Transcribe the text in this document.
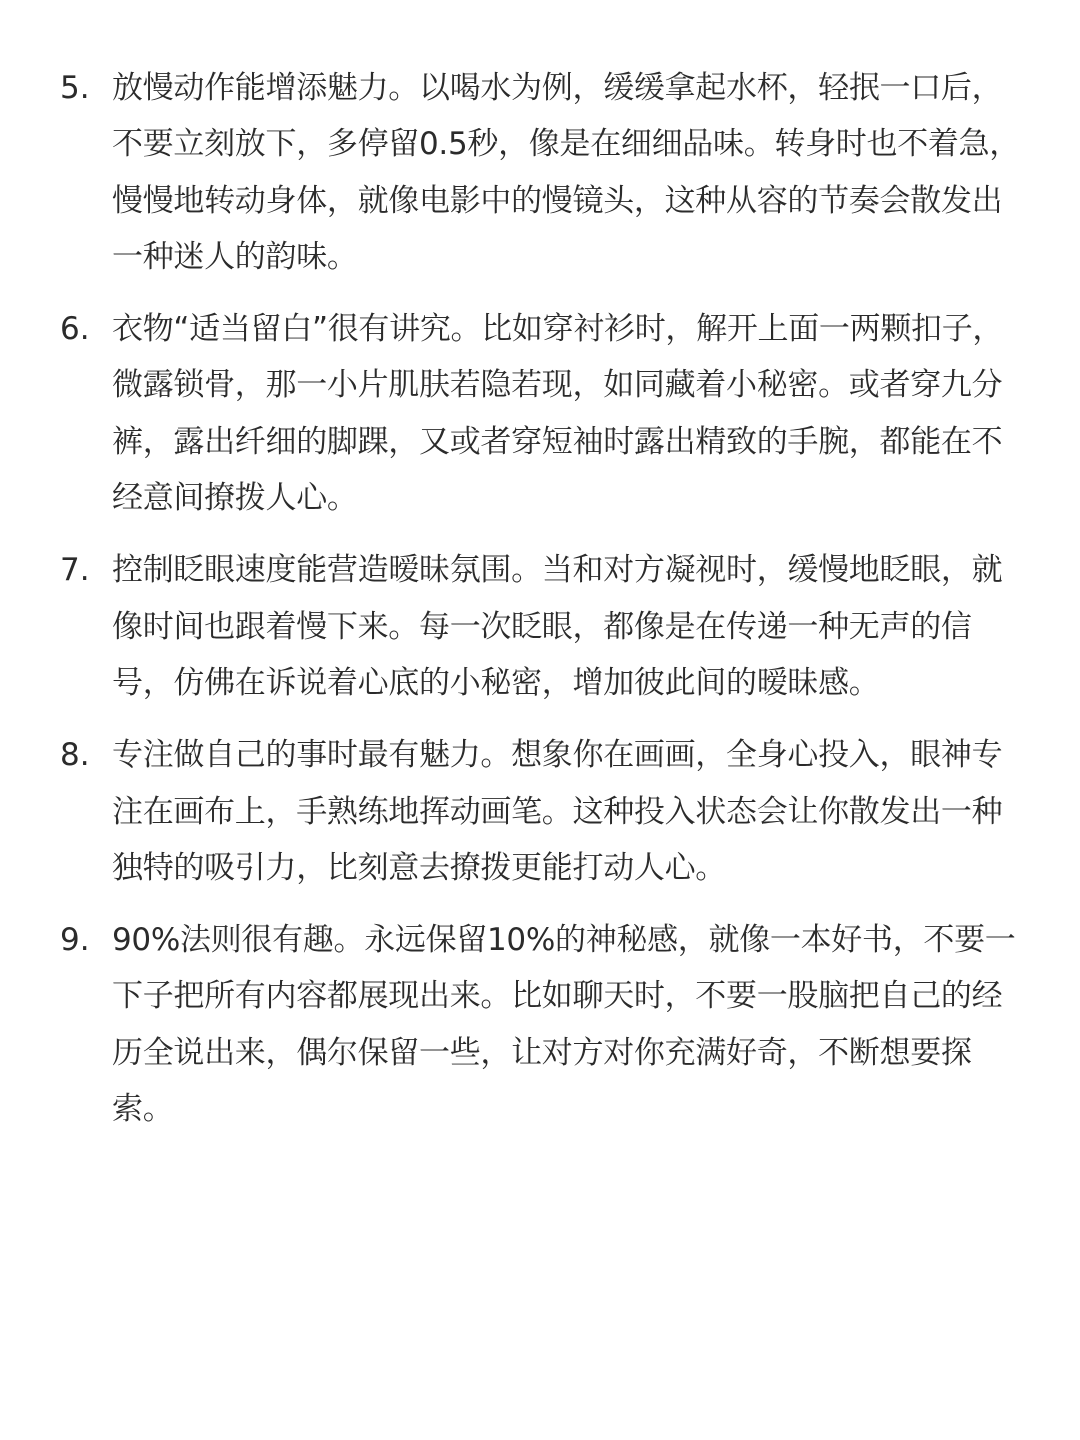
5. 放慢动作能增添魅力。以喝水为例，缓缓拿起水杯，轻抿一口后，不要立刻放下，多停留0.5秒，像是在细细品味。转身时也不着急，慢慢地转动身体，就像电影中的慢镜头，这种从容的节奏会散发出一种迷人的韵味。
6. 衣物“适当留白”很有讲究。比如穿衬衫时，解开上面一两颗扣子，微露锁骨，那一小片肌肤若隐若现，如同藏着小秘密。或者穿九分裤，露出纤细的脚踝，又或者穿短袖时露出精致的手腕，都能在不经意间撩拨人心。
7. 控制眨眼速度能营造暧昧氛围。当和对方凝视时，缓慢地眨眼，就像时间也跟着慢下来。每一次眨眼，都像是在传递一种无声的信号，仿佛在诉说着心底的小秘密，增加彼此间的暧昧感。
8. 专注做自己的事时最有魅力。想象你在画画，全身心投入，眼神专注在画布上，手熟练地挥动画笔。这种投入状态会让你散发出一种独特的吸引力，比刻意去撩拨更能打动人心。
9. 90%法则很有趣。永远保留10%的神秘感，就像一本好书，不要一下子把所有内容都展现出来。比如聊天时，不要一股脑把自己的经历全说出来，偶尔保留一些，让对方对你充满好奇，不断想要探索。
